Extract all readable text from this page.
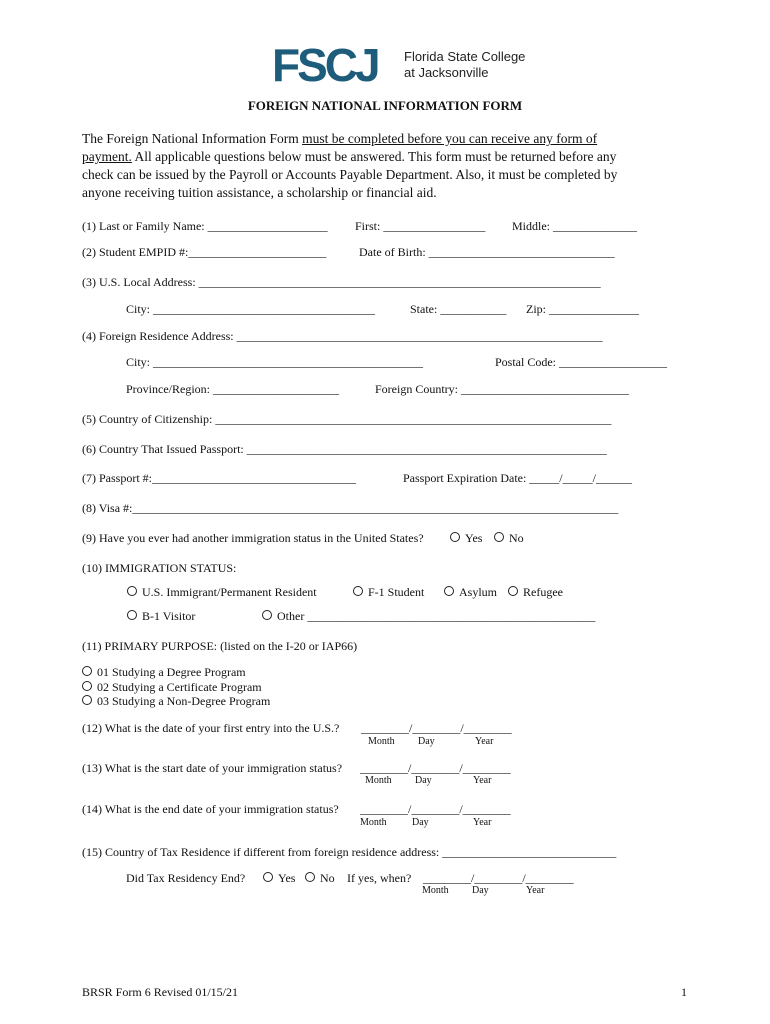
FSCJ Florida State College
at Jacksonville
FOREIGN NATIONAL INFORMATION FORM
The Foreign National Information Form must be completed before you can receive any form of
payment. All applicable questions below must be answered. This form must be returned before any
check can be issued by the Payroll or Accounts Payable Department. Also, it must be completed by
anyone receiving tuition assistance, a scholarship or financial aid.
(1) Last or Family Name: ____________________ First: _________________ Middle: ______________
(2) Student EMPID #:_______________________	Date of Birth: _______________________________
(3) U.S. Local Address: ___________________________________________________________________
City: _____________________________________	State: ___________ Zip: _______________
(4) Foreign Residence Address: _____________________________________________________________
City: _____________________________________________	Postal Code: __________________
Province/Region: _____________________	Foreign Country: ____________________________
(5) Country of Citizenship: __________________________________________________________________
(6) Country That Issued Passport: ____________________________________________________________
(7) Passport #:__________________________________	Passport Expiration Date: _____/_____/______
(8) Visa #:_________________________________________________________________________________
(9) Have you ever had another immigration status in the United States?	Yes	No
(10) IMMIGRATION STATUS:
U.S. Immigrant/Permanent Resident	F-1 Student	Asylum	Refugee
B-1 Visitor	Other ________________________________________________
(11) PRIMARY PURPOSE: (listed on the I-20 or IAP66)
01 Studying a Degree Program
02 Studying a Certificate Program
03 Studying a Non-Degree Program
(12) What is the date of your first entry into the U.S.? ________/________/________
Month Day	Year
(13) What is the start date of your immigration status? ________/________/________
Month Day	Year
(14) What is the end date of your immigration status? ________/________/________
Month	Day	Year
(15) Country of Tax Residence if different from foreign residence address: _____________________________
Did Tax Residency End?	Yes	No If yes, when? ________/________/________
Month Day	Year
BRSR Form 6 Revised 01/15/21	1
